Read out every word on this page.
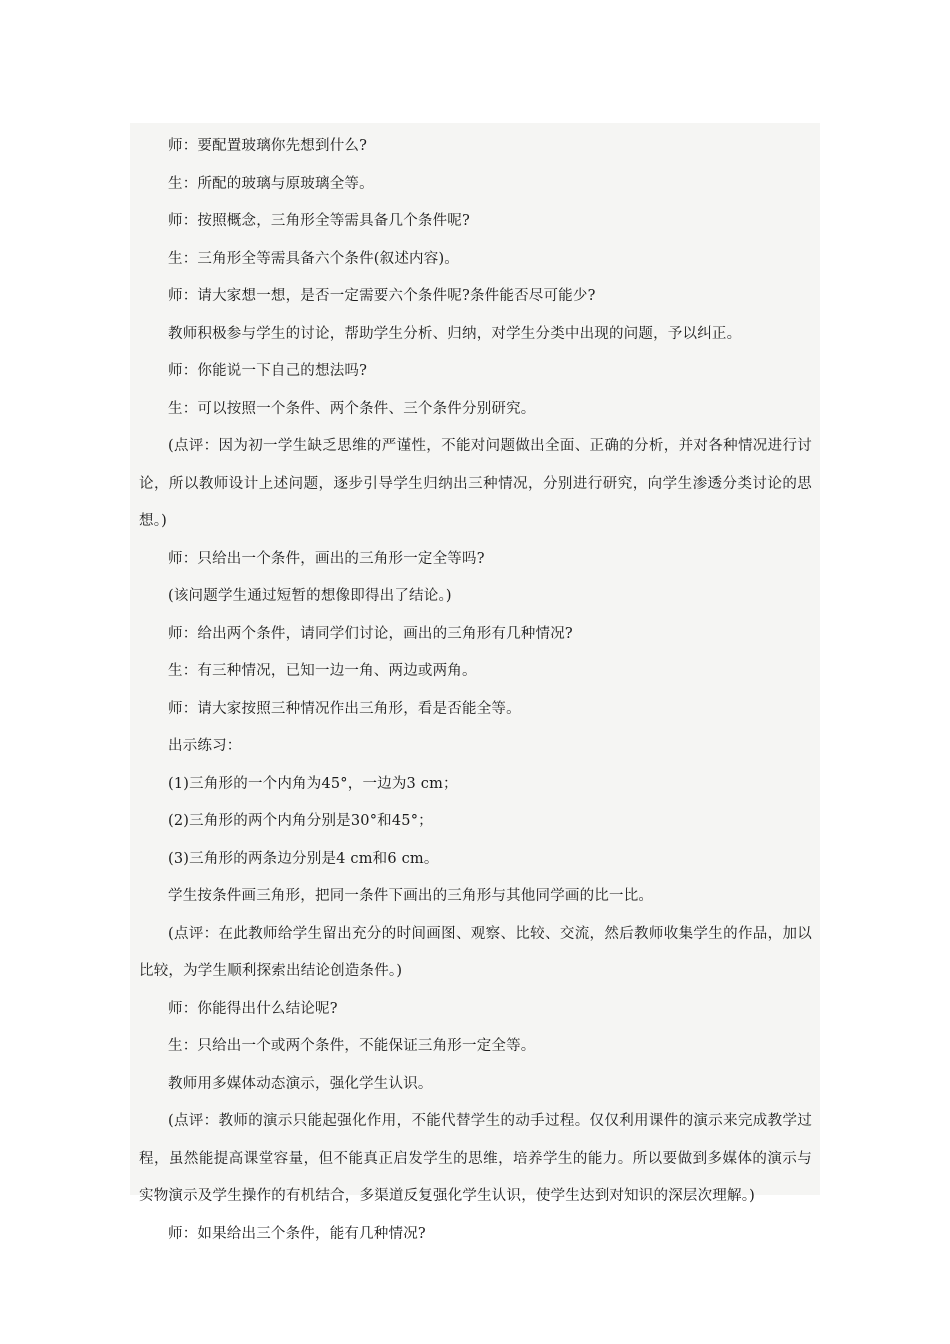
师：要配置玻璃你先想到什么?

生：所配的玻璃与原玻璃全等。

师：按照概念，三角形全等需具备几个条件呢?

生：三角形全等需具备六个条件(叙述内容)。

师：请大家想一想，是否一定需要六个条件呢?条件能否尽可能少?

教师积极参与学生的讨论，帮助学生分析、归纳，对学生分类中出现的问题，予以纠正。

师：你能说一下自己的想法吗?

生：可以按照一个条件、两个条件、三个条件分别研究。

(点评：因为初一学生缺乏思维的严谨性，不能对问题做出全面、正确的分析，并对各种情况进行讨论，所以教师设计上述问题，逐步引导学生归纳出三种情况，分别进行研究，向学生渗透分类讨论的思想。)

师：只给出一个条件，画出的三角形一定全等吗?

(该问题学生通过短暂的想像即得出了结论。)

师：给出两个条件，请同学们讨论，画出的三角形有几种情况?

生：有三种情况，已知一边一角、两边或两角。

师：请大家按照三种情况作出三角形，看是否能全等。

出示练习：

(1)三角形的一个内角为45°，一边为3 cm；

(2)三角形的两个内角分别是30°和45°；

(3)三角形的两条边分别是4 cm和6 cm。

学生按条件画三角形，把同一条件下画出的三角形与其他同学画的比一比。

(点评：在此教师给学生留出充分的时间画图、观察、比较、交流，然后教师收集学生的作品，加以比较，为学生顺利探索出结论创造条件。)

师：你能得出什么结论呢?

生：只给出一个或两个条件，不能保证三角形一定全等。

教师用多媒体动态演示，强化学生认识。

(点评：教师的演示只能起强化作用，不能代替学生的动手过程。仅仅利用课件的演示来完成教学过程，虽然能提高课堂容量，但不能真正启发学生的思维，培养学生的能力。所以要做到多媒体的演示与实物演示及学生操作的有机结合，多渠道反复强化学生认识，使学生达到对知识的深层次理解。)

师：如果给出三个条件，能有几种情况?
